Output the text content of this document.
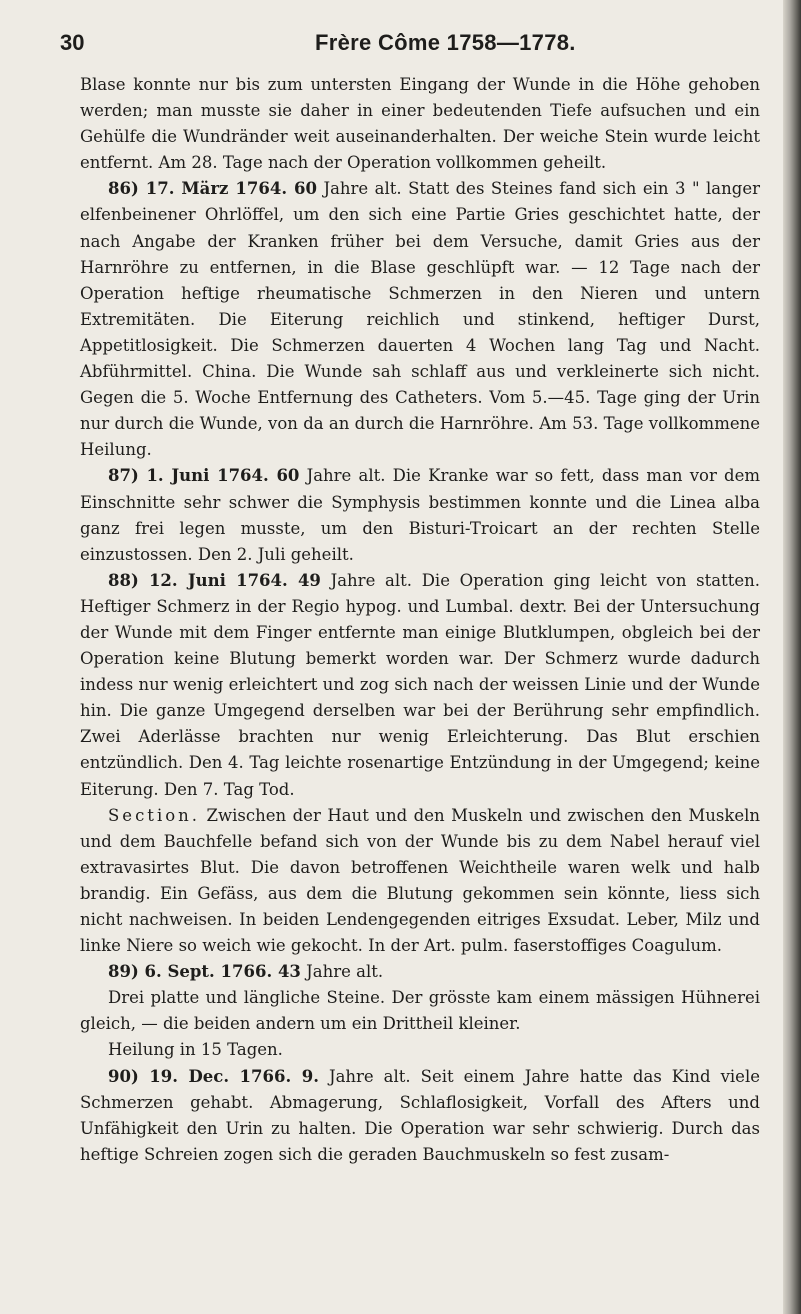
30	Frère Côme 1758—1778.

Blase konnte nur bis zum untersten Eingang der Wunde in die Höhe gehoben werden; man musste sie daher in einer bedeutenden Tiefe aufsuchen und ein Gehülfe die Wundränder weit auseinanderhalten. Der weiche Stein wurde leicht entfernt. Am 28. Tage nach der Operation vollkommen geheilt.

86) 17. März 1764. 60 Jahre alt. Statt des Steines fand sich ein 3 " langer elfenbeinener Ohrlöffel, um den sich eine Partie Gries geschichtet hatte, der nach Angabe der Kranken früher bei dem Versuche, damit Gries aus der Harnröhre zu entfernen, in die Blase geschlüpft war. — 12 Tage nach der Operation heftige rheumatische Schmerzen in den Nieren und untern Extremitäten. Die Eiterung reichlich und stinkend, heftiger Durst, Appetitlosigkeit. Die Schmerzen dauerten 4 Wochen lang Tag und Nacht. Abführmittel. China. Die Wunde sah schlaff aus und verkleinerte sich nicht. Gegen die 5. Woche Entfernung des Catheters. Vom 5.—45. Tage ging der Urin nur durch die Wunde, von da an durch die Harnröhre. Am 53. Tage vollkommene Heilung.

87) 1. Juni 1764. 60 Jahre alt. Die Kranke war so fett, dass man vor dem Einschnitte sehr schwer die Symphysis bestimmen konnte und die Linea alba ganz frei legen musste, um den Bisturi-Troicart an der rechten Stelle einzustossen. Den 2. Juli geheilt.

88) 12. Juni 1764. 49 Jahre alt. Die Operation ging leicht von statten. Heftiger Schmerz in der Regio hypog. und Lumbal. dextr. Bei der Untersuchung der Wunde mit dem Finger entfernte man einige Blutklumpen, obgleich bei der Operation keine Blutung bemerkt worden war. Der Schmerz wurde dadurch indess nur wenig erleichtert und zog sich nach der weissen Linie und der Wunde hin. Die ganze Umgegend derselben war bei der Berührung sehr empfindlich. Zwei Aderlässe brachten nur wenig Erleichterung. Das Blut erschien entzündlich. Den 4. Tag leichte rosenartige Entzündung in der Umgegend; keine Eiterung. Den 7. Tag Tod.

Section. Zwischen der Haut und den Muskeln und zwischen den Muskeln und dem Bauchfelle befand sich von der Wunde bis zu dem Nabel herauf viel extravasirtes Blut. Die davon betroffenen Weichtheile waren welk und halb brandig. Ein Gefäss, aus dem die Blutung gekommen sein könnte, liess sich nicht nachweisen. In beiden Lendengegenden eitriges Exsudat. Leber, Milz und linke Niere so weich wie gekocht. In der Art. pulm. faserstoffiges Coagulum.

89) 6. Sept. 1766. 43 Jahre alt.

Drei platte und längliche Steine. Der grösste kam einem mässigen Hühnerei gleich, — die beiden andern um ein Drittheil kleiner.

Heilung in 15 Tagen.

90) 19. Dec. 1766. 9. Jahre alt. Seit einem Jahre hatte das Kind viele Schmerzen gehabt. Abmagerung, Schlaflosigkeit, Vorfall des Afters und Unfähigkeit den Urin zu halten. Die Operation war sehr schwierig. Durch das heftige Schreien zogen sich die geraden Bauchmuskeln so fest zusam-
